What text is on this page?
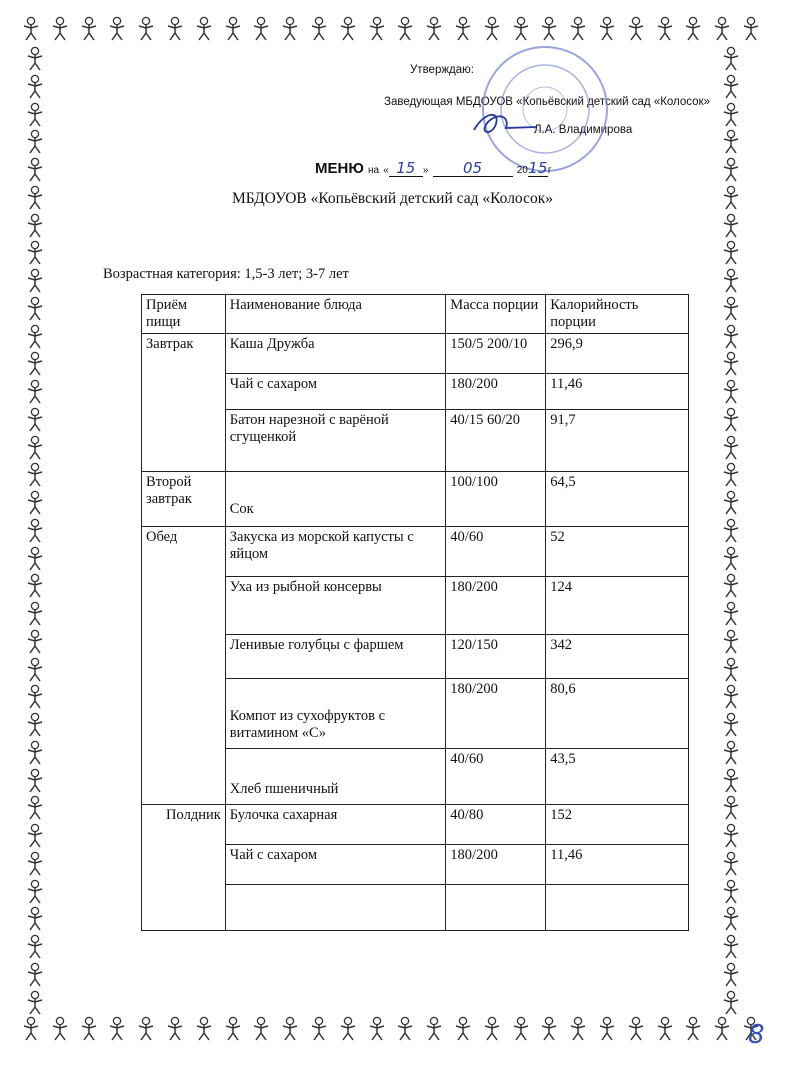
Утверждаю:
Заведующая МБДОУОВ «Копьёвский детский сад «Колосок»
Л.А. Владимирова
МЕНЮ на « 15 » 05	2015г
МБДОУОВ «Копьёвский детский сад «Колосок»
Возрастная категория: 1,5-3 лет; 3-7 лет
Приём пищи	Наименование блюда	Масса порции	Калорийность порции
Завтрак	Каша Дружба	150/5 200/10	296,9
	Чай с сахаром	180/200	11,46
	Батон нарезной с варёной сгущенкой	40/15 60/20	91,7
Второй завтрак	Сок	100/100	64,5
Обед	Закуска из морской капусты с яйцом	40/60	52
	Уха из рыбной консервы	180/200	124
	Ленивые голубцы с фаршем	120/150	342
	Компот из сухофруктов с витамином «С»	180/200	80,6
	Хлеб пшеничный	40/60	43,5
Полдник	Булочка сахарная	40/80	152
	Чай с сахаром	180/200	11,46

8
